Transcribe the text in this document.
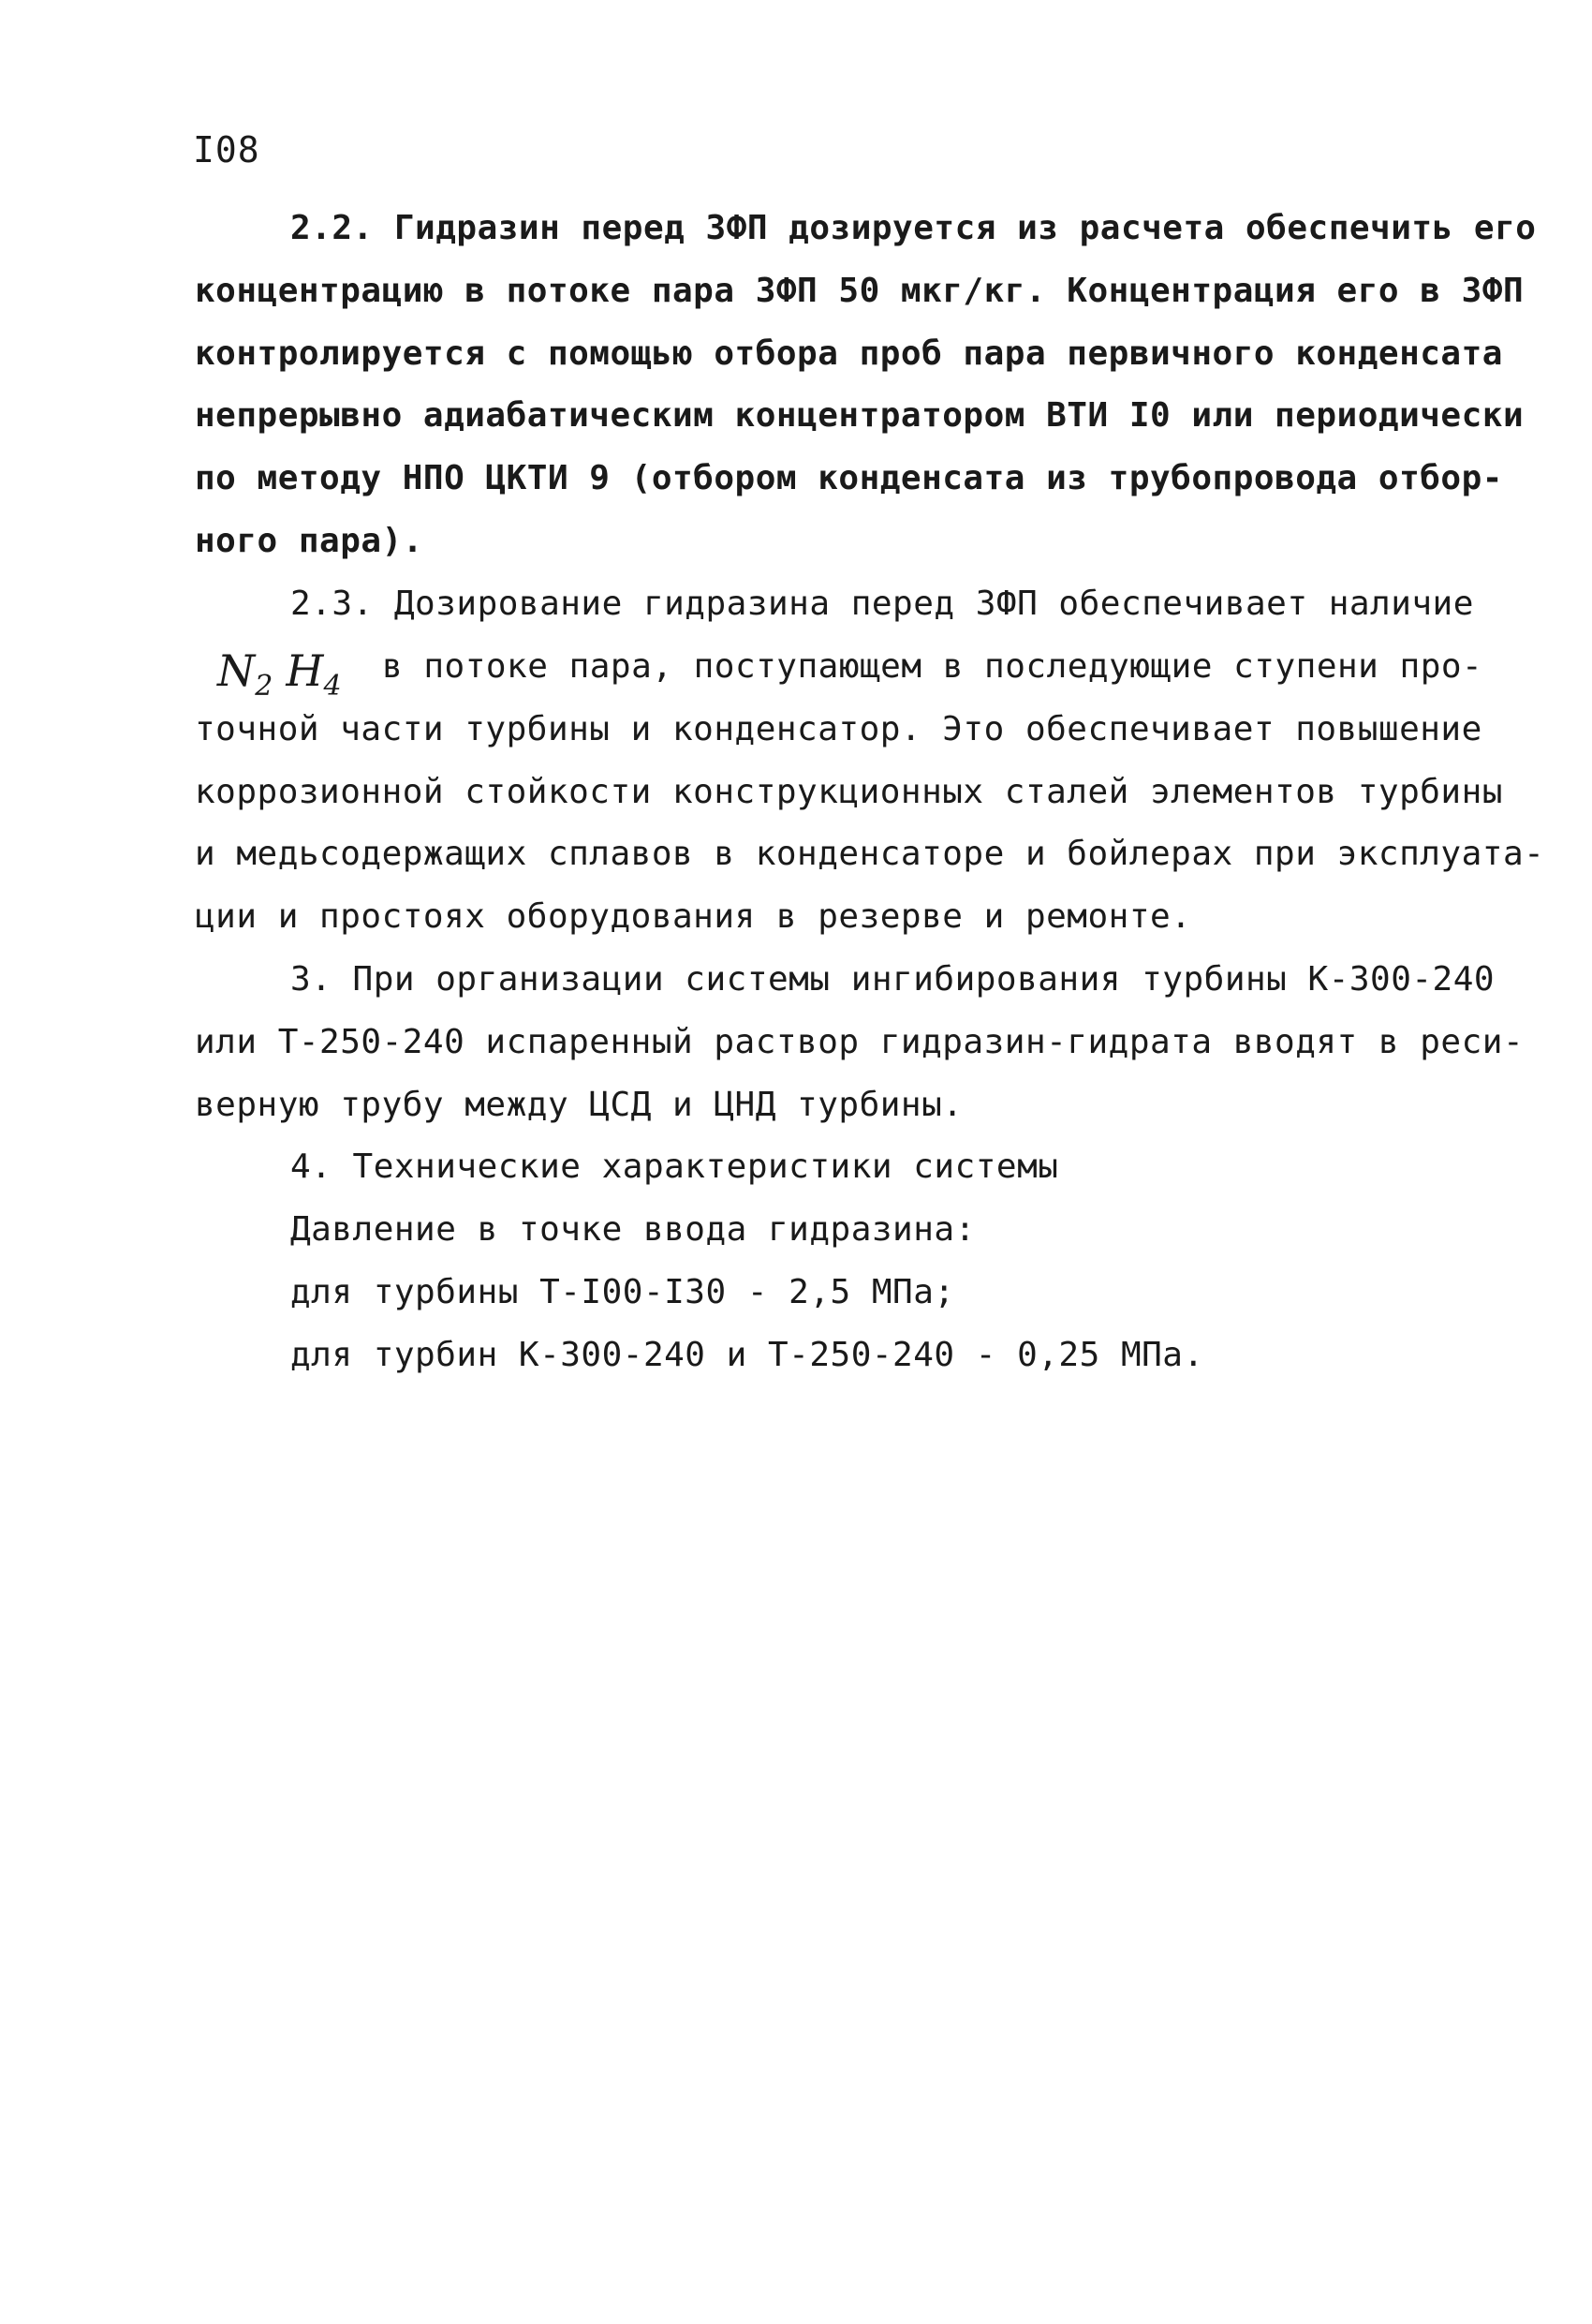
I08
2.2. Гидразин перед ЗФП дозируется из расчета обеспечить его
концентрацию в потоке пара ЗФП 50 мкг/кг. Концентрация его в ЗФП
контролируется с помощью отбора проб пара первичного конденсата
непрерывно адиабатическим концентратором ВТИ I0 или периодически
по методу НПО ЦКТИ 9 (отбором конденсата из трубопровода отбор-
ного пара).
2.3. Дозирование гидразина перед ЗФП обеспечивает наличие
$N_2$ $H_4$
в потоке пара, поступающем в последующие ступени про-
точной части турбины и конденсатор. Это обеспечивает повышение
коррозионной стойкости конструкционных сталей элементов турбины
и медьсодержащих сплавов в конденсаторе и бойлерах при эксплуата-
ции и простоях оборудования в резерве и ремонте.
3. При организации системы ингибирования турбины К-300-240
или Т-250-240 испаренный раствор гидразин-гидрата вводят в реси-
верную трубу между ЦСД и ЦНД турбины.
4. Технические характеристики системы
Давление в точке ввода гидразина:
для турбины Т-I00-I30 - 2,5 МПа;
для турбин К-300-240 и Т-250-240 - 0,25 МПа.
